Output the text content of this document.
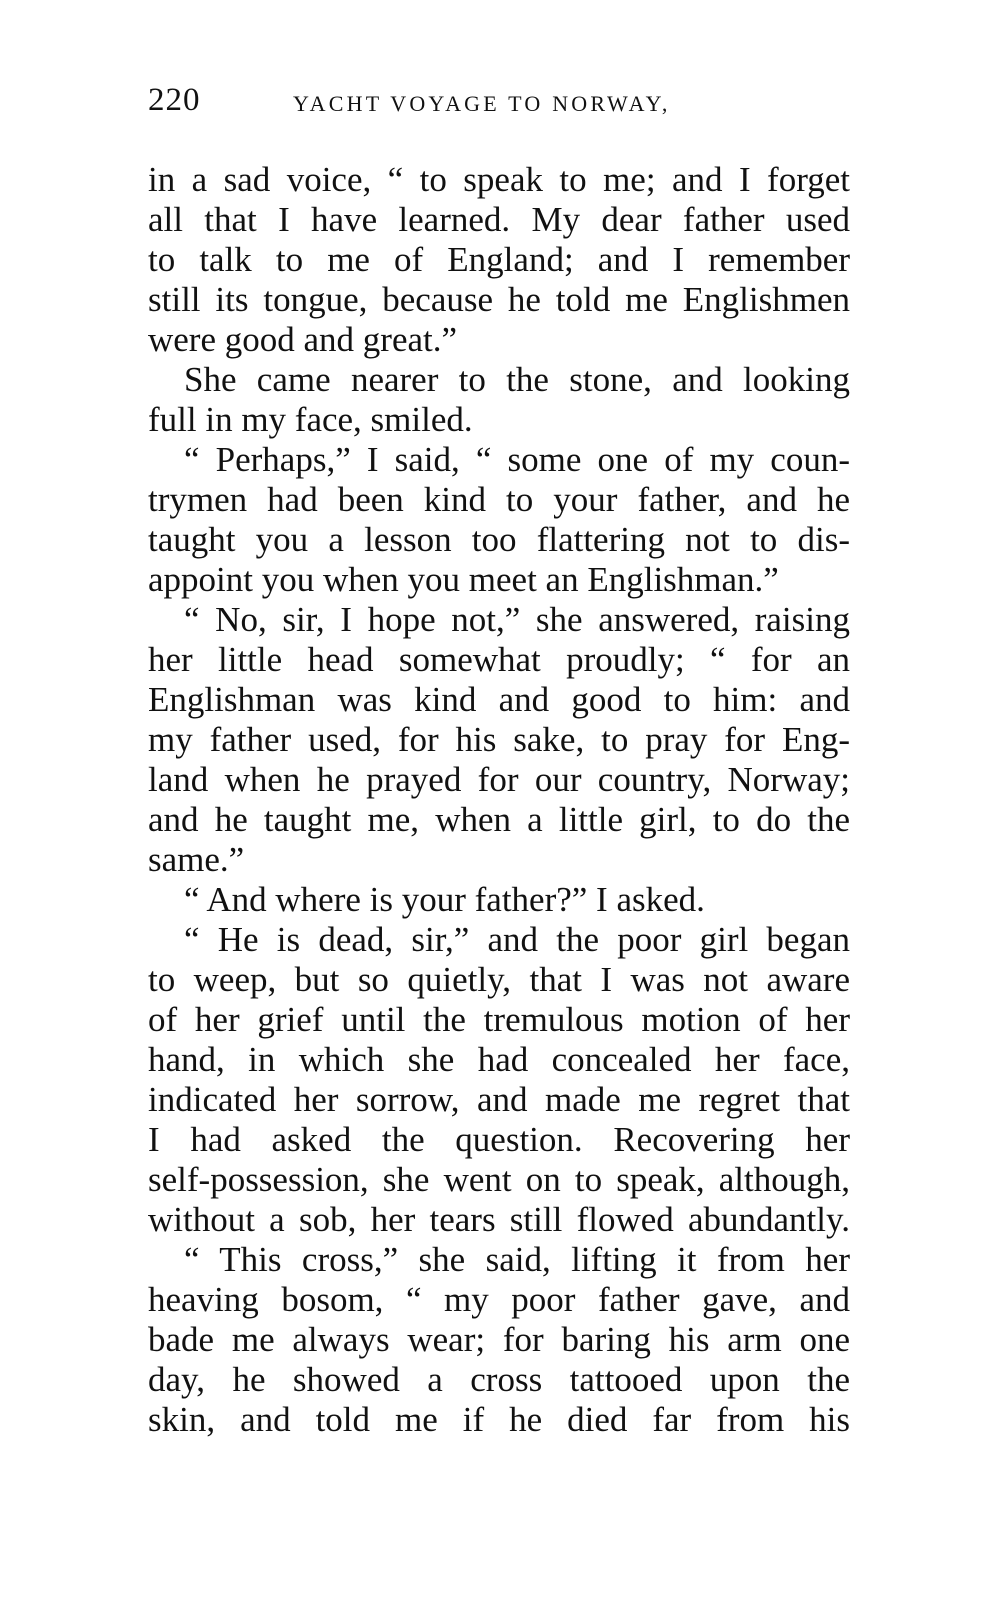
220	YACHT VOYAGE TO NORWAY,
in a sad voice, “ to speak to me; and I forget
all that I have learned. My dear father used
to talk to me of England; and I remember
still its tongue, because he told me Englishmen
were good and great.”
She came nearer to the stone, and looking
full in my face, smiled.
“ Perhaps,” I said, “ some one of my coun-
trymen had been kind to your father, and he
taught you a lesson too flattering not to dis-
appoint you when you meet an Englishman.”
“ No, sir, I hope not,” she answered, raising
her little head somewhat proudly; “ for an
Englishman was kind and good to him: and
my father used, for his sake, to pray for Eng-
land when he prayed for our country, Norway;
and he taught me, when a little girl, to do the
same.”
“ And where is your father?” I asked.
“ He is dead, sir,” and the poor girl began
to weep, but so quietly, that I was not aware
of her grief until the tremulous motion of her
hand, in which she had concealed her face,
indicated her sorrow, and made me regret that
I had asked the question. Recovering her
self-possession, she went on to speak, although,
without a sob, her tears still flowed abundantly.
“ This cross,” she said, lifting it from her
heaving bosom, “ my poor father gave, and
bade me always wear; for baring his arm one
day, he showed a cross tattooed upon the
skin, and told me if he died far from his
